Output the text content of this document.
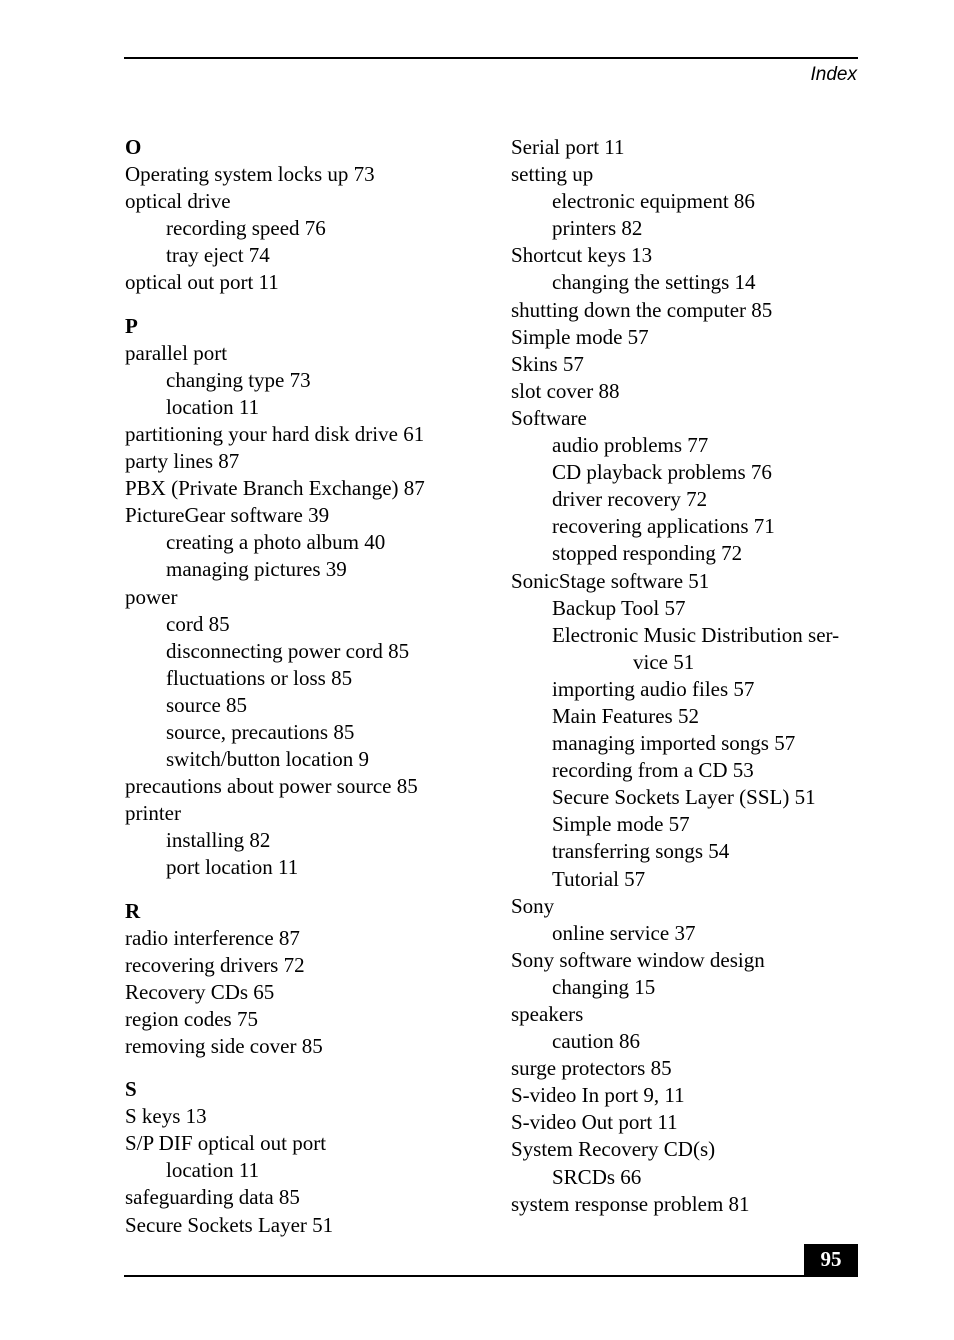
Index
O
Operating system locks up 73
optical drive
recording speed 76
tray eject 74
optical out port 11
P
parallel port
changing type 73
location 11
partitioning your hard disk drive 61
party lines 87
PBX (Private Branch Exchange) 87
PictureGear software 39
creating a photo album 40
managing pictures 39
power
cord 85
disconnecting power cord 85
fluctuations or loss 85
source 85
source, precautions 85
switch/button location 9
precautions about power source 85
printer
installing 82
port location 11
R
radio interference 87
recovering drivers 72
Recovery CDs 65
region codes 75
removing side cover 85
S
S keys 13
S/P DIF optical out port
location 11
safeguarding data 85
Secure Sockets Layer 51
Serial port 11
setting up
electronic equipment 86
printers 82
Shortcut keys 13
changing the settings 14
shutting down the computer 85
Simple mode 57
Skins 57
slot cover 88
Software
audio problems 77
CD playback problems 76
driver recovery 72
recovering applications 71
stopped responding 72
SonicStage software 51
Backup Tool 57
Electronic Music Distribution ser-
vice 51
importing audio files 57
Main Features 52
managing imported songs 57
recording from a CD 53
Secure Sockets Layer (SSL) 51
Simple mode 57
transferring songs 54
Tutorial 57
Sony
online service 37
Sony software window design
changing 15
speakers
caution 86
surge protectors 85
S-video In port 9, 11
S-video Out port 11
System Recovery CD(s)
SRCDs 66
system response problem 81
95
